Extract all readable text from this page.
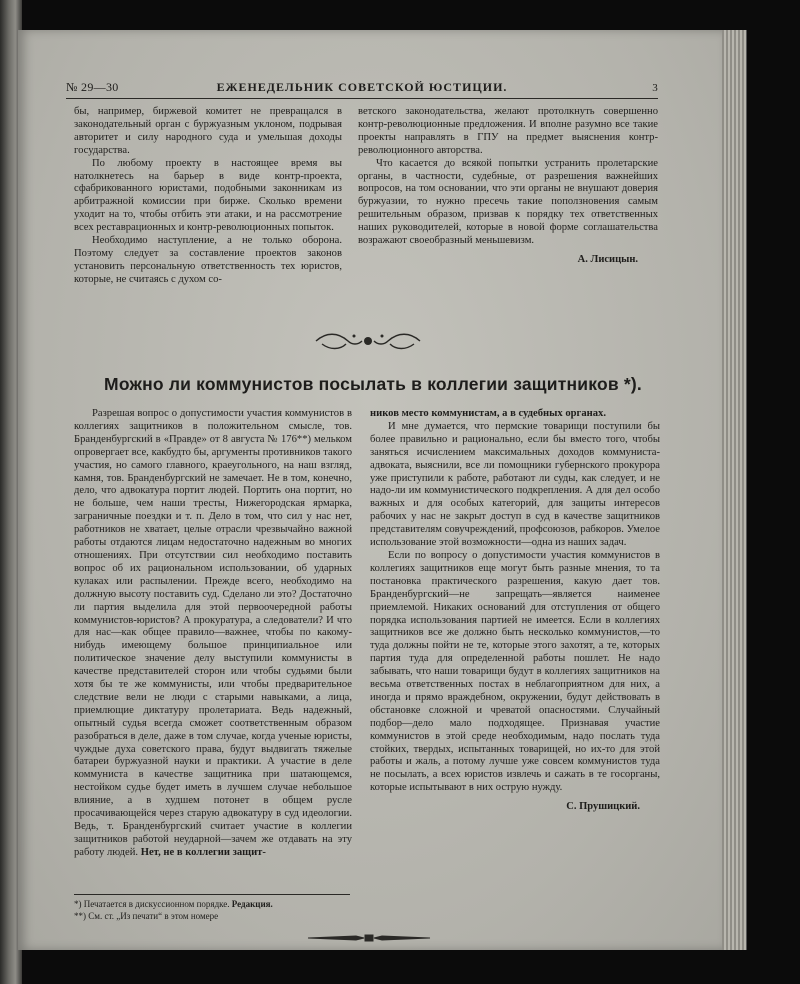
№ 29—30	ЕЖЕНЕДЕЛЬНИК СОВЕТСКОЙ ЮСТИЦИИ.	3

бы, например, биржевой комитет не превращался в законодательный орган с буржуазным уклоном, подрывая авторитет и силу народного суда и умельшая доходы государства.

По любому проекту в настоящее время вы натолкнетесь на барьер в виде контр-проекта, сфабрикованного юристами, подобными законникам из арбитражной комиссии при бирже. Сколько времени уходит на то, чтобы отбить эти атаки, и на рассмотрение всех реставрационных и контр-революционных попыток.

Необходимо наступление, а не только оборона. Поэтому следует за составление проектов законов установить персональную ответственность тех юристов, которые, не считаясь с духом со-

ветского законодательства, желают протолкнуть совершенно контр-революционные предложения. И вполне разумно все такие проекты направлять в ГПУ на предмет выяснения контр-революционного авторства.

Что касается до всякой попытки устранить пролетарские органы, в частности, судебные, от разрешения важнейших вопросов, на том основании, что эти органы не внушают доверия буржуазии, то нужно пресечь такие поползновения самым решительным образом, призвав к порядку тех ответственных наших руководителей, которые в новой форме соглашательства возражают своеобразный меньшевизм.

А. Лисицын.

Можно ли коммунистов посылать в коллегии защитников *).

Разрешая вопрос о допустимости участия коммунистов в коллегиях защитников в положительном смысле, тов. Бранденбургский в «Правде» от 8 августа № 176**) мельком опровергает все, какбудто бы, аргументы противников такого участия, но самого главного, краеугольного, на наш взгляд, камня, тов. Бранденбургский не замечает. Не в том, конечно, дело, что адвокатура портит людей. Портить она портит, но не больше, чем наши тресты, Нижегородская ярмарка, заграничные поездки и т. п. Дело в том, что сил у нас нет, работников не хватает, целые отрасли чрезвычайно важной работы отдаются лицам недостаточно надежным во многих отношениях. При отсутствии сил необходимо поставить вопрос об их рациональном использовании, об ударных кулаках или распылении. Прежде всего, необходимо на должную высоту поставить суд. Сделано ли это? Достаточно ли партия выделила для этой первоочередной работы коммунистов-юристов? А прокуратура, а следователи? И что для нас—как общее правило—важнее, чтобы по какому-нибудь имеющему большое принципиальное или политическое значение делу выступили коммунисты в качестве представителей сторон или чтобы судьями были хотя бы те же коммунисты, или чтобы предварительное следствие вели не люди с старыми навыками, а лица, приемлющие диктатуру пролетариата. Ведь надежный, опытный судья всегда сможет соответственным образом разобраться в деле, даже в том случае, когда ученые юристы, чуждые духа советского права, будут выдвигать тяжелые батареи буржуазной науки и практики. А участие в деле коммуниста в качестве защитника при шатающемся, нестойком судье будет иметь в лучшем случае небольшое влияние, а в худшем потонет в общем русле просачивающейся через старую адвокатуру в суд идеологии. Ведь, т. Бранденбургский считает участие в коллегии защитников работой неударной—зачем же отдавать на эту работу людей. Нет, не в коллегии защит-

ников место коммунистам, а в судебных органах.

И мне думается, что пермские товарищи поступили бы более правильно и рационально, если бы вместо того, чтобы заняться исчислением максимальных доходов коммуниста-адвоката, выяснили, все ли помощники губернского прокурора уже приступили к работе, работают ли суды, как следует, и не надо-ли им коммунистического подкрепления. А для дел особо важных и для особых категорий, для защиты интересов рабочих у нас не закрыт доступ в суд в качестве защитников представителям совучреждений, профсоюзов, рабкоров. Умелое использование этой возможности—одна из наших задач.

Если по вопросу о допустимости участия коммунистов в коллегиях защитников еще могут быть разные мнения, то та постановка практического разрешения, какую дает тов. Бранденбургский—не запрещать—является наименее приемлемой. Никаких оснований для отступления от общего порядка использования партией не имеется. Если в коллегиях защитников все же должно быть несколько коммунистов,—то туда должны пойти не те, которые этого захотят, а те, которых партия туда для определенной работы пошлет. Не надо забывать, что наши товарищи будут в коллегиях защитников на весьма ответственных постах в неблагоприятном для них, а иногда и прямо враждебном, окружении, будут действовать в обстановке сложной и чреватой опасностями. Случайный подбор—дело мало подходящее. Признавая участие коммунистов в этой среде необходимым, надо послать туда стойких, твердых, испытанных товарищей, но их-то для этой работы и жаль, а потому лучше уже совсем коммунистов туда не посылать, а всех юристов извлечь и сажать в те госорганы, которые испытывают в них острую нужду.

С. Прушицкий.

*) Печатается в дискуссионном порядке. Редакция.
**) См. ст. „Из печати“ в этом номере
